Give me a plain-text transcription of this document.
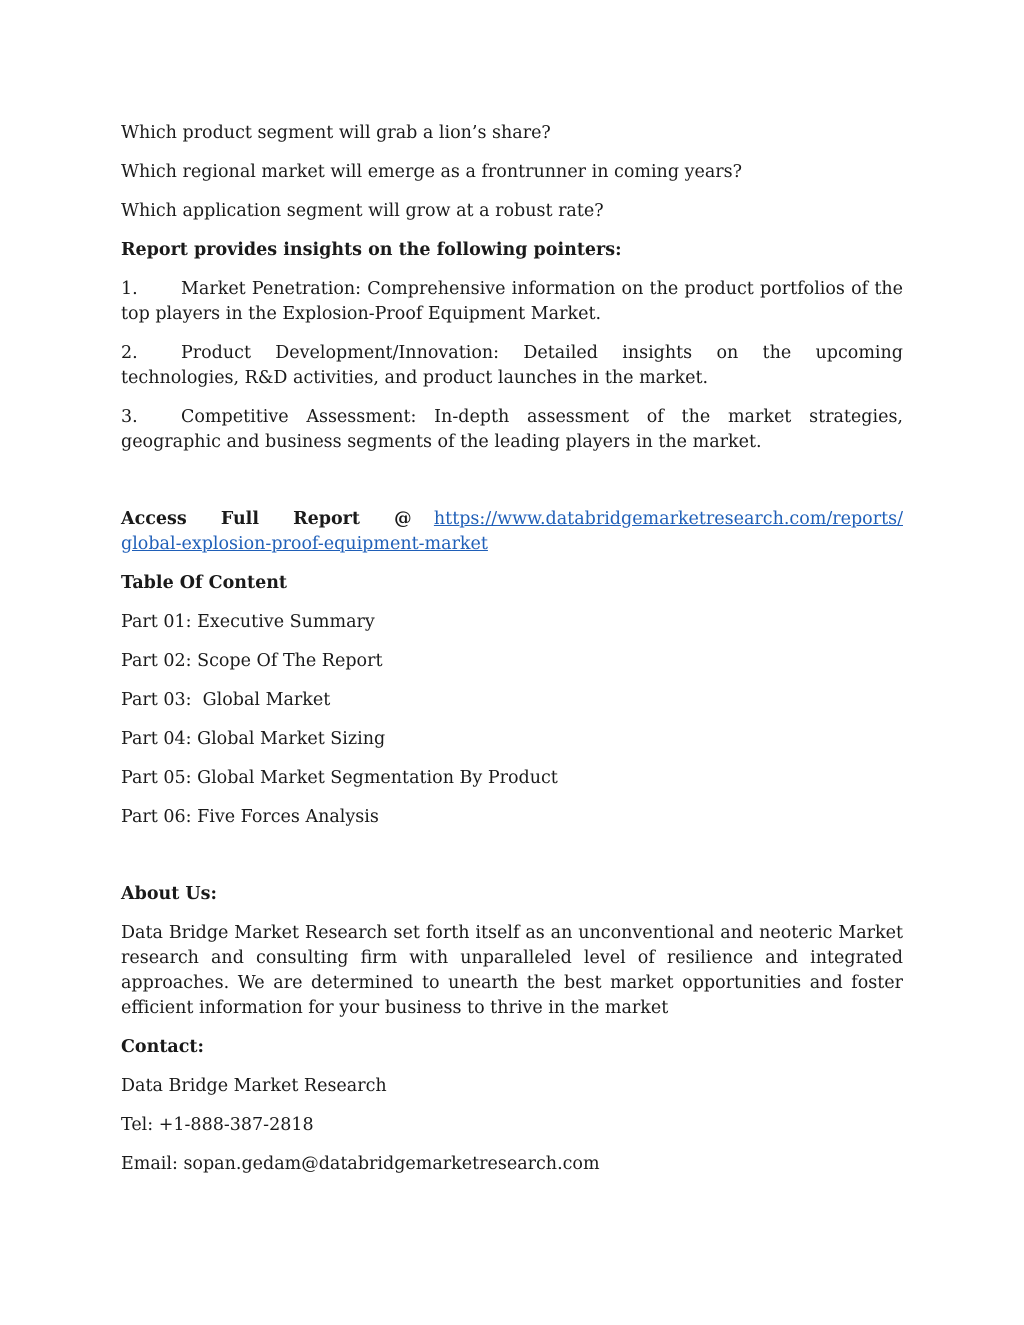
Which product segment will grab a lion’s share?

Which regional market will emerge as a frontrunner in coming years?

Which application segment will grow at a robust rate?

Report provides insights on the following pointers:

1. Market Penetration: Comprehensive information on the product portfolios of the top players in the Explosion-Proof Equipment Market.

2. Product Development/Innovation: Detailed insights on the upcoming technologies, R&D activities, and product launches in the market.

3. Competitive Assessment: In-depth assessment of the market strategies, geographic and business segments of the leading players in the market.

Access Full Report @ https://www.databridgemarketresearch.com/reports/global-explosion-proof-equipment-market

Table Of Content

Part 01: Executive Summary

Part 02: Scope Of The Report

Part 03:  Global Market

Part 04: Global Market Sizing

Part 05: Global Market Segmentation By Product

Part 06: Five Forces Analysis

About Us:

Data Bridge Market Research set forth itself as an unconventional and neoteric Market research and consulting firm with unparalleled level of resilience and integrated approaches. We are determined to unearth the best market opportunities and foster efficient information for your business to thrive in the market

Contact:

Data Bridge Market Research

Tel: +1-888-387-2818

Email: sopan.gedam@databridgemarketresearch.com
